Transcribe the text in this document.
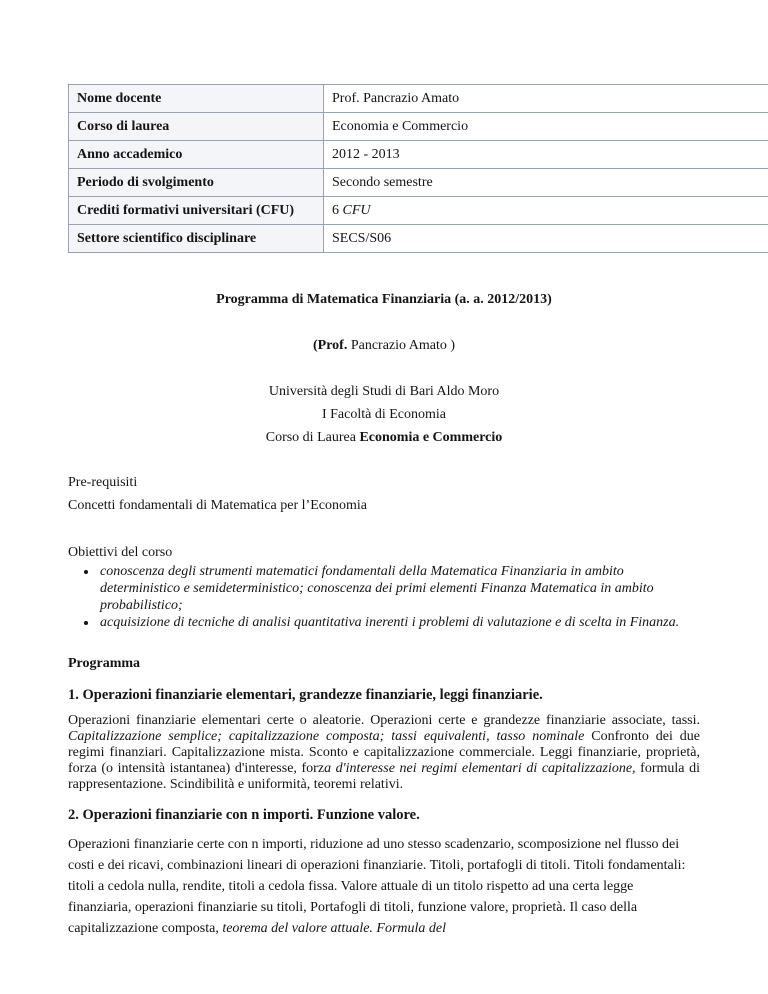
Nome docente	Prof. Pancrazio Amato
Corso di laurea	Economia e Commercio
Anno accademico	2012 - 2013
Periodo di svolgimento	Secondo semestre
Crediti formativi universitari (CFU)	6 CFU
Settore scientifico disciplinare	SECS/S06
Programma di Matematica Finanziaria (a. a. 2012/2013)
(Prof. Pancrazio Amato )
Università degli Studi di Bari Aldo Moro
I Facoltà di Economia
Corso di Laurea Economia e Commercio
Pre-requisiti
Concetti fondamentali di Matematica per l’Economia
Obiettivi del corso
• conoscenza degli strumenti matematici fondamentali della Matematica Finanziaria in ambito deterministico e semideterministico; conoscenza dei primi elementi Finanza Matematica in ambito probabilistico;
• acquisizione di tecniche di analisi quantitativa inerenti i problemi di valutazione e di scelta in Finanza.
Programma
1. Operazioni finanziarie elementari, grandezze finanziarie, leggi finanziarie.
Operazioni finanziarie elementari certe o aleatorie. Operazioni certe e grandezze finanziarie associate, tassi. Capitalizzazione semplice; capitalizzazione composta; tassi equivalenti, tasso nominale Confronto dei due regimi finanziari. Capitalizzazione mista. Sconto e capitalizzazione commerciale. Leggi finanziarie, proprietà, forza (o intensità istantanea) d'interesse, forza d'interesse nei regimi elementari di capitalizzazione, formula di rappresentazione. Scindibilità e uniformità, teoremi relativi.
2. Operazioni finanziarie con n importi. Funzione valore.
Operazioni finanziarie certe con n importi, riduzione ad uno stesso scadenzario, scomposizione nel flusso dei costi e dei ricavi, combinazioni lineari di operazioni finanziarie. Titoli, portafogli di titoli. Titoli fondamentali: titoli a cedola nulla, rendite, titoli a cedola fissa. Valore attuale di un titolo rispetto ad una certa legge finanziaria, operazioni finanziarie su titoli, Portafogli di titoli, funzione valore, proprietà. Il caso della capitalizzazione composta, teorema del valore attuale. Formula del
